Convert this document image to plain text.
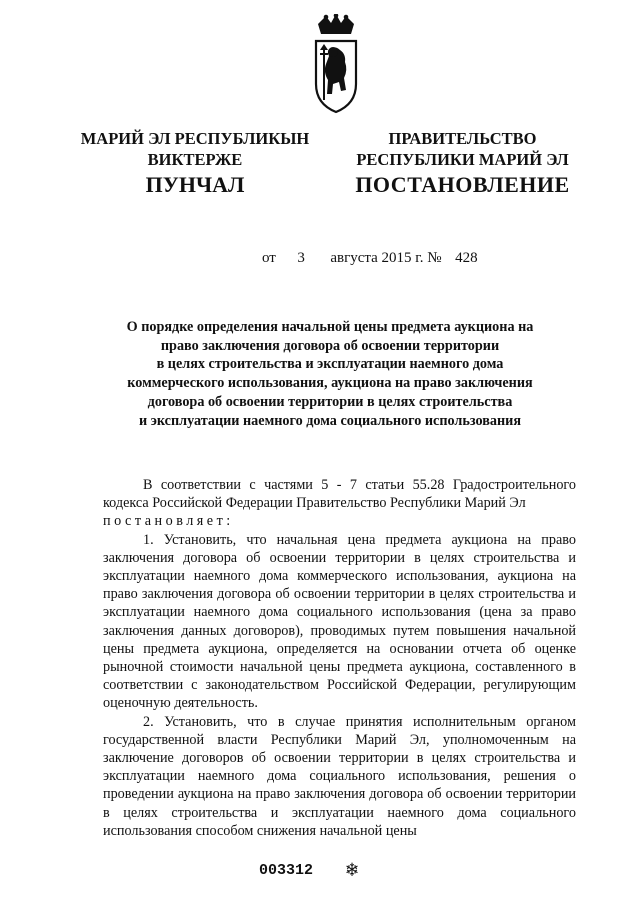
МАРИЙ ЭЛ РЕСПУБЛИКЫН
ВИКТЕРЖЕ
ПРАВИТЕЛЬСТВО
РЕСПУБЛИКИ МАРИЙ ЭЛ
ПУНЧАЛ	ПОСТАНОВЛЕНИЕ
от 3 августа 2015 г. № 428
О порядке определения начальной цены предмета аукциона на
право заключения договора об освоении территории
в целях строительства и эксплуатации наемного дома
коммерческого использования, аукциона на право заключения
договора об освоении территории в целях строительства
и эксплуатации наемного дома социального использования

В соответствии с частями 5 - 7 статьи 55.28 Градостроительного кодекса Российской Федерации Правительство Республики Марий Эл

постановляет:

1. Установить, что начальная цена предмета аукциона на право заключения договора об освоении территории в целях строительства и эксплуатации наемного дома коммерческого использования, аукциона на право заключения договора об освоении территории в целях строительства и эксплуатации наемного дома социального использования (цена за право заключения данных договоров), проводимых путем повышения начальной цены предмета аукциона, определяется на основании отчета об оценке рыночной стоимости начальной цены предмета аукциона, составленного в соответствии с законодательством Российской Федерации, регулирующим оценочную деятельность.

2. Установить, что в случае принятия исполнительным органом государственной власти Республики Марий Эл, уполномоченным на заключение договоров об освоении территории в целях строительства и эксплуатации наемного дома социального использования, решения о проведении аукциона на право заключения договора об освоении территории в целях строительства и эксплуатации наемного дома социального использования способом снижения начальной цены

003312 ❄
